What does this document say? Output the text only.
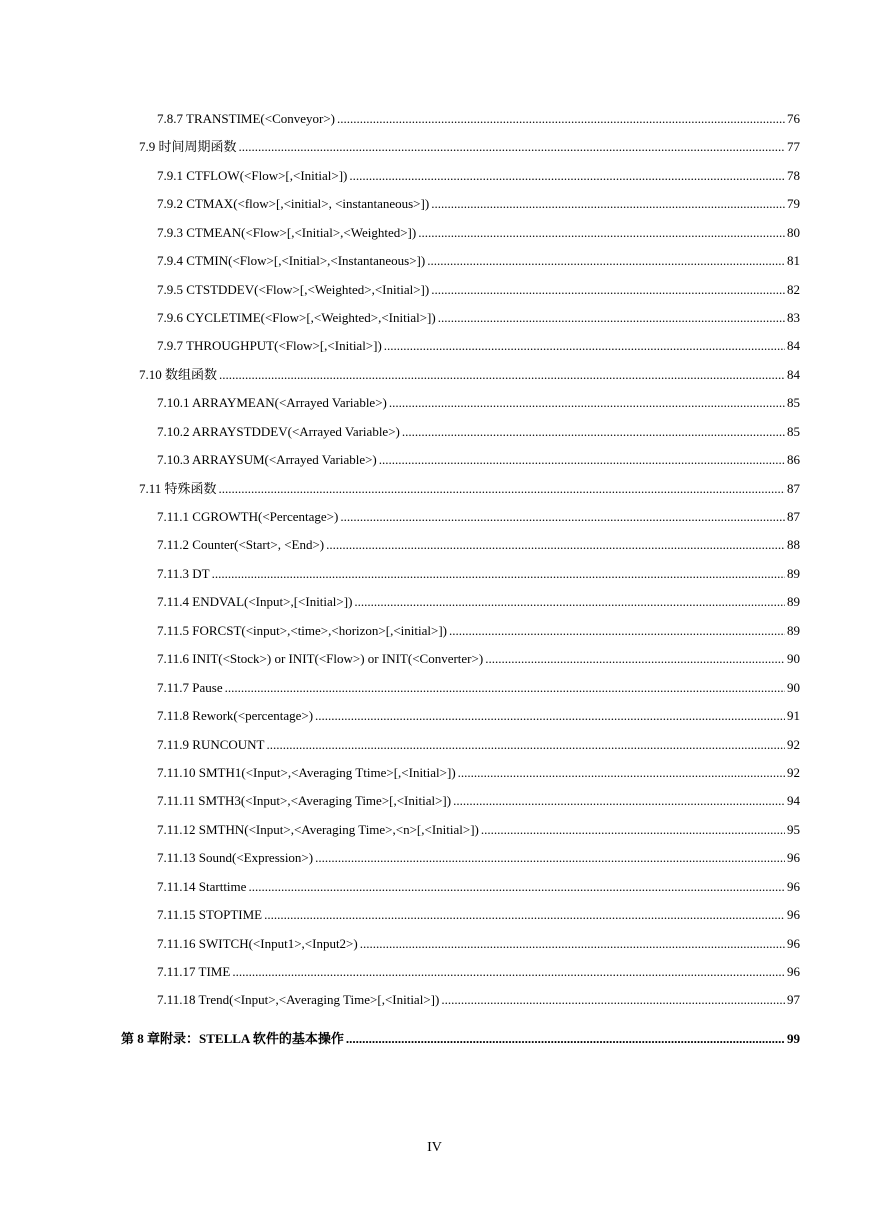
7.8.7 TRANSTIME(<Conveyor>) .....	76
7.9 时间周期函数 .....	77
7.9.1 CTFLOW(<Flow>[,<Initial>]) .....	78
7.9.2 CTMAX(<flow>[,<initial>, <instantaneous>]) .....	79
7.9.3 CTMEAN(<Flow>[,<Initial>,<Weighted>]) .....	80
7.9.4 CTMIN(<Flow>[,<Initial>,<Instantaneous>]) .....	81
7.9.5 CTSTDDEV(<Flow>[,<Weighted>,<Initial>]) .....	82
7.9.6 CYCLETIME(<Flow>[,<Weighted>,<Initial>]) .....	83
7.9.7 THROUGHPUT(<Flow>[,<Initial>]) .....	84
7.10 数组函数 .....	84
7.10.1 ARRAYMEAN(<Arrayed Variable>) .....	85
7.10.2 ARRAYSTDDEV(<Arrayed Variable>) .....	85
7.10.3 ARRAYSUM(<Arrayed Variable>) .....	86
7.11 特殊函数 .....	87
7.11.1 CGROWTH(<Percentage>) .....	87
7.11.2 Counter(<Start>, <End>) .....	88
7.11.3 DT .....	89
7.11.4 ENDVAL(<Input>,[<Initial>]) .....	89
7.11.5 FORCST(<input>,<time>,<horizon>[,<initial>]) .....	89
7.11.6 INIT(<Stock>) or INIT(<Flow>) or INIT(<Converter>) .....	90
7.11.7 Pause .....	90
7.11.8 Rework(<percentage>) .....	91
7.11.9 RUNCOUNT .....	92
7.11.10 SMTH1(<Input>,<Averaging Ttime>[,<Initial>]) .....	92
7.11.11 SMTH3(<Input>,<Averaging Time>[,<Initial>]) .....	94
7.11.12 SMTHN(<Input>,<Averaging Time>,<n>[,<Initial>]) .....	95
7.11.13 Sound(<Expression>) .....	96
7.11.14 Starttime .....	96
7.11.15 STOPTIME .....	96
7.11.16 SWITCH(<Input1>,<Input2>) .....	96
7.11.17 TIME .....	96
7.11.18 Trend(<Input>,<Averaging Time>[,<Initial>]) .....	97
第 8 章 附录：STELLA 软件的基本操作 .....	99
IV
